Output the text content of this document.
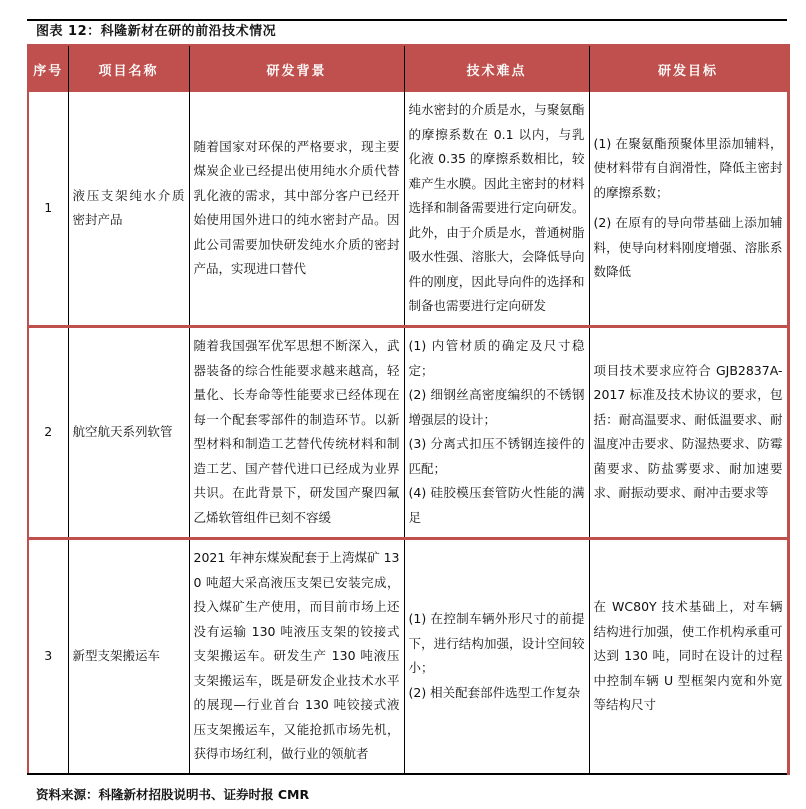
图表 12：科隆新材在研的前沿技术情况
序号	项目名称	研发背景	技术难点	研发目标
1	液压支架纯水介质密封产品	随着国家对环保的严格要求，现主要煤炭企业已经提出使用纯水介质代替乳化液的需求，其中部分客户已经开始使用国外进口的纯水密封产品。因此公司需要加快研发纯水介质的密封产品，实现进口替代	纯水密封的介质是水，与聚氨酯的摩擦系数在 0.1 以内，与乳化液 0.35 的摩擦系数相比，较难产生水膜。因此主密封的材料选择和制备需要进行定向研发。此外，由于介质是水，普通树脂吸水性强、溶胀大，会降低导向件的刚度，因此导向件的选择和制备也需要进行定向研发	(1) 在聚氨酯预聚体里添加辅料，使材料带有自润滑性，降低主密封的摩擦系数；

(2) 在原有的导向带基础上添加辅料，使导向材料刚度增强、溶胀系数降低

2	航空航天系列软管	随着我国强军优军思想不断深入，武器装备的综合性能要求越来越高，轻量化、长寿命等性能要求已经体现在每一个配套零部件的制造环节。以新型材料和制造工艺替代传统材料和制造工艺、国产替代进口已经成为业界共识。在此背景下，研发国产聚四氟乙烯软管组件已刻不容缓	(1) 内管材质的确定及尺寸稳定；

(2) 细钢丝高密度编织的不锈钢增强层的设计；

(3) 分离式扣压不锈钢连接件的匹配；

(4) 硅胶模压套管防火性能的满足	项目技术要求应符合 GJB2837A-2017 标准及技术协议的要求，包括：耐高温要求、耐低温要求、耐温度冲击要求、防湿热要求、防霉菌要求、防盐雾要求、耐加速要求、耐振动要求、耐冲击要求等

3	新型支架搬运车	2021 年神东煤炭配套于上湾煤矿 130 吨超大采高液压支架已安装完成，投入煤矿生产使用，而目前市场上还没有运输 130 吨液压支架的铰接式支架搬运车。研发生产 130 吨液压支架搬运车，既是研发企业技术水平的展现—行业首台 130 吨铰接式液压支架搬运车，又能抢抓市场先机，获得市场红利，做行业的领航者	(1) 在控制车辆外形尺寸的前提下，进行结构加强，设计空间较小；

(2) 相关配套部件选型工作复杂	在 WC80Y 技术基础上，对车辆结构进行加强，使工作机构承重可达到 130 吨，同时在设计的过程中控制车辆 U 型框架内宽和外宽等结构尺寸

资料来源：科隆新材招股说明书、证券时报 CMR
